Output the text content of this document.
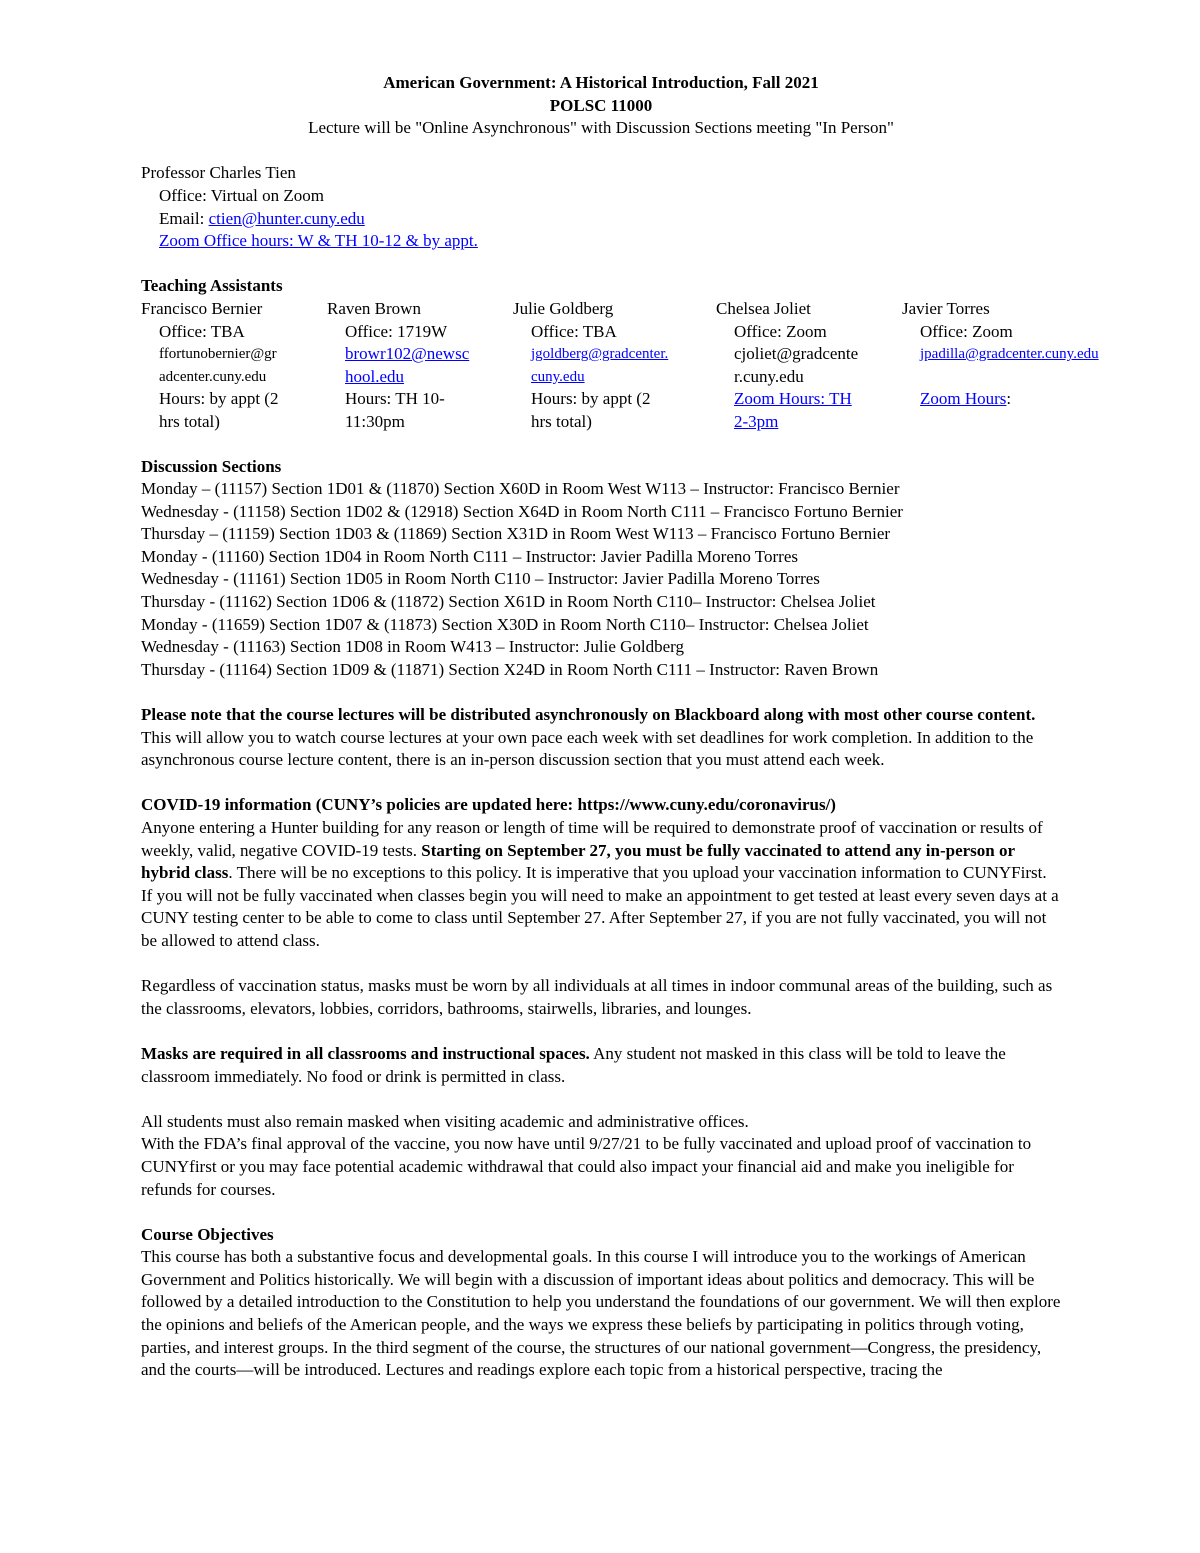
American Government: A Historical Introduction, Fall 2021
POLSC 11000
Lecture will be "Online Asynchronous" with Discussion Sections meeting "In Person"
Professor Charles Tien
Office: Virtual on Zoom
Email: ctien@hunter.cuny.edu
Zoom Office hours: W & TH 10-12 & by appt.
Teaching Assistants
Francisco Bernier
Office: TBA
ffortunobernier@gr
adcenter.cuny.edu
Hours: by appt (2
hrs total)
Raven Brown
Office: 1719W
browr102@newsc
hool.edu
Hours: TH 10-
11:30pm
Julie Goldberg
Office: TBA
jgoldberg@gradcenter.
cuny.edu
Hours: by appt (2
hrs total)
Chelsea Joliet
Office: Zoom
cjoliet@gradcente
r.cuny.edu
Zoom Hours: TH
2-3pm
Javier Torres
Office: Zoom
jpadilla@gradcenter.cuny.edu

Zoom Hours:
Discussion Sections
Monday – (11157) Section 1D01 & (11870) Section X60D in Room West W113 – Instructor: Francisco Bernier
Wednesday - (11158) Section 1D02 & (12918) Section X64D in Room North C111 – Francisco Fortuno Bernier
Thursday – (11159) Section 1D03 & (11869) Section X31D in Room West W113 – Francisco Fortuno Bernier
Monday - (11160) Section 1D04 in Room North C111 – Instructor: Javier Padilla Moreno Torres
Wednesday - (11161) Section 1D05 in Room North C110 – Instructor: Javier Padilla Moreno Torres
Thursday - (11162) Section 1D06 & (11872) Section X61D in Room North C110– Instructor: Chelsea Joliet
Monday - (11659) Section 1D07 & (11873) Section X30D in Room North C110– Instructor: Chelsea Joliet
Wednesday - (11163) Section 1D08 in Room W413 – Instructor: Julie Goldberg
Thursday - (11164) Section 1D09 & (11871) Section X24D in Room North C111 – Instructor: Raven Brown

Please note that the course lectures will be distributed asynchronously on Blackboard along with most other course content. This will allow you to watch course lectures at your own pace each week with set deadlines for work completion. In addition to the asynchronous course lecture content, there is an in-person discussion section that you must attend each week.

COVID-19 information (CUNY’s policies are updated here: https://www.cuny.edu/coronavirus/)

Anyone entering a Hunter building for any reason or length of time will be required to demonstrate proof of vaccination or results of weekly, valid, negative COVID-19 tests. Starting on September 27, you must be fully vaccinated to attend any in-person or hybrid class. There will be no exceptions to this policy. It is imperative that you upload your vaccination information to CUNYFirst. If you will not be fully vaccinated when classes begin you will need to make an appointment to get tested at least every seven days at a CUNY testing center to be able to come to class until September 27. After September 27, if you are not fully vaccinated, you will not be allowed to attend class.

Regardless of vaccination status, masks must be worn by all individuals at all times in indoor communal areas of the building, such as the classrooms, elevators, lobbies, corridors, bathrooms, stairwells, libraries, and lounges.

Masks are required in all classrooms and instructional spaces. Any student not masked in this class will be told to leave the classroom immediately. No food or drink is permitted in class.

All students must also remain masked when visiting academic and administrative offices.

With the FDA’s final approval of the vaccine, you now have until 9/27/21 to be fully vaccinated and upload proof of vaccination to CUNYfirst or you may face potential academic withdrawal that could also impact your financial aid and make you ineligible for refunds for courses.

Course Objectives

This course has both a substantive focus and developmental goals. In this course I will introduce you to the workings of American Government and Politics historically. We will begin with a discussion of important ideas about politics and democracy. This will be followed by a detailed introduction to the Constitution to help you understand the foundations of our government. We will then explore the opinions and beliefs of the American people, and the ways we express these beliefs by participating in politics through voting, parties, and interest groups. In the third segment of the course, the structures of our national government—Congress, the presidency, and the courts—will be introduced. Lectures and readings explore each topic from a historical perspective, tracing the
